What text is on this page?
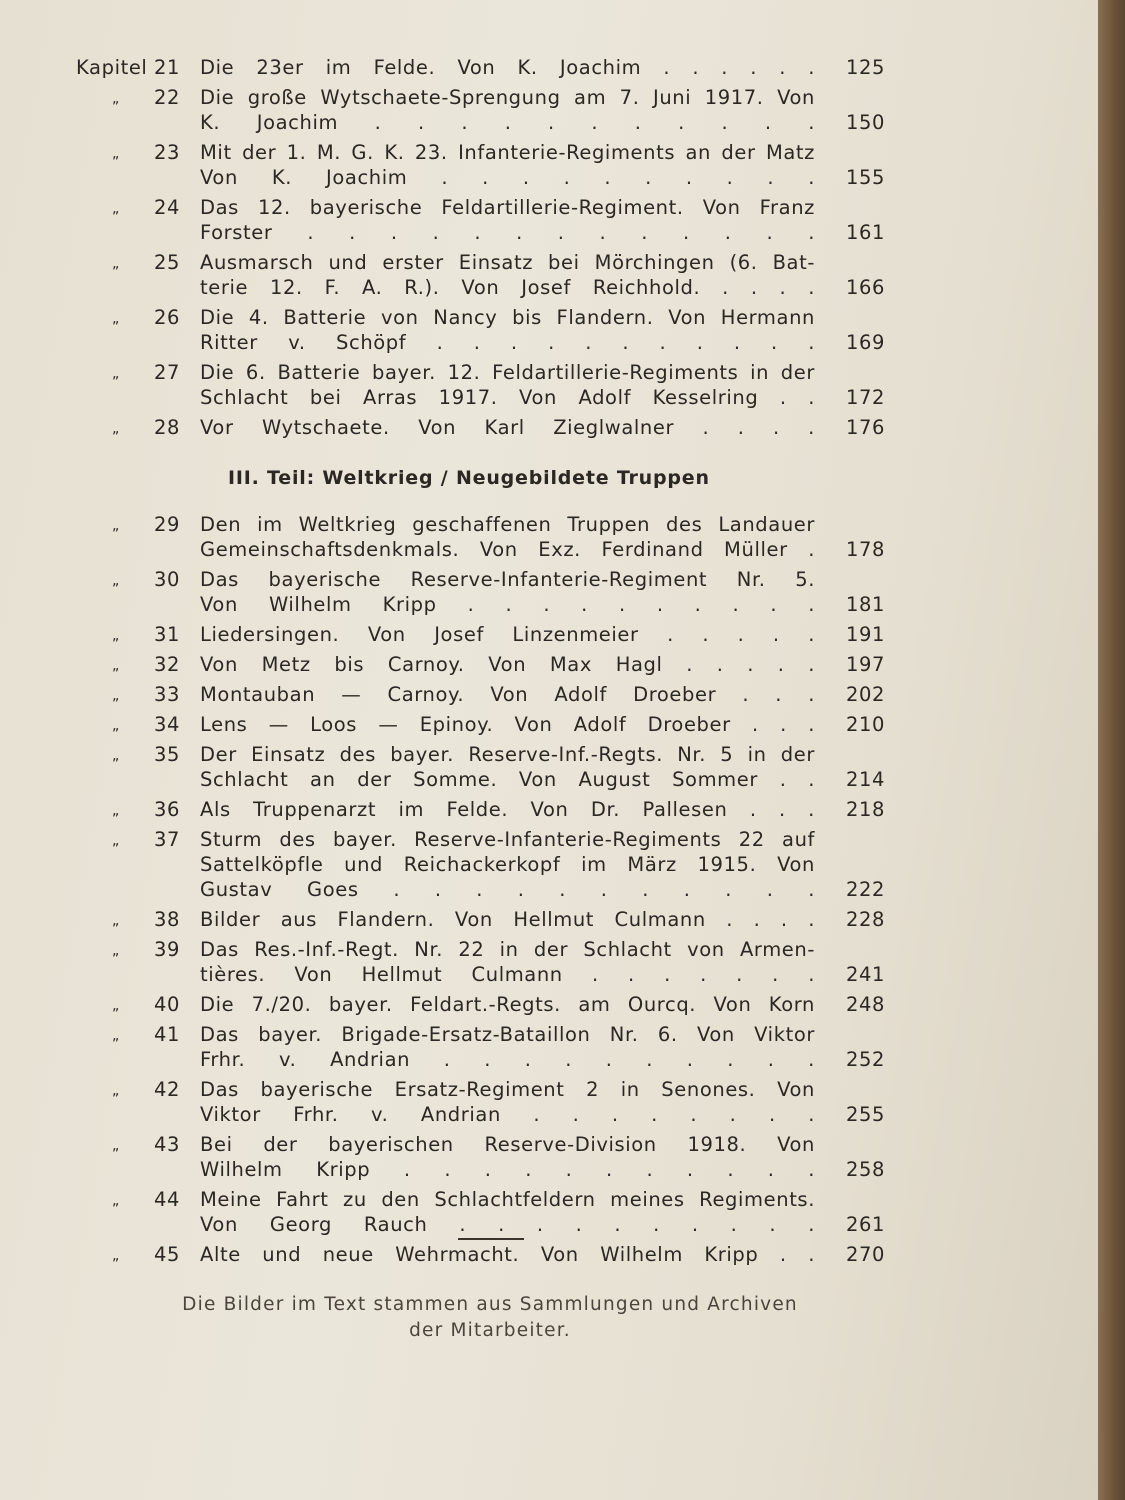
Kapitel 21 Die 23er im Felde. Von K. Joachim . . . . . .	125
„ 22 Die große Wytschaete-Sprengung am 7. Juni 1917. Von
K. Joachim . . . . . . . . . . .	150
„ 23 Mit der 1. M. G. K. 23. Infanterie-Regiments an der Matz
Von K. Joachim . . . . . . . . . .	155
„ 24 Das 12. bayerische Feldartillerie-Regiment. Von Franz
Forster . . . . . . . . . . . . .	161
„ 25 Ausmarsch und erster Einsatz bei Mörchingen (6. Bat-
terie 12. F. A. R.). Von Josef Reichhold. . . . .	166
„ 26 Die 4. Batterie von Nancy bis Flandern. Von Hermann
Ritter v. Schöpf . . . . . . . . . . .	169
„ 27 Die 6. Batterie bayer. 12. Feldartillerie-Regiments in der
Schlacht bei Arras 1917. Von Adolf Kesselring . .	172
„ 28 Vor Wytschaete. Von Karl Zieglwalner . . . .	176
III. Teil: Weltkrieg / Neugebildete Truppen
„ 29 Den im Weltkrieg geschaffenen Truppen des Landauer
Gemeinschaftsdenkmals. Von Exz. Ferdinand Müller .	178
„ 30 Das bayerische Reserve-Infanterie-Regiment Nr. 5.
Von Wilhelm Kripp . . . . . . . . . .	181
„ 31 Liedersingen. Von Josef Linzenmeier . . . . .	191
„ 32 Von Metz bis Carnoy. Von Max Hagl . . . . .	197
„ 33 Montauban — Carnoy. Von Adolf Droeber . . .	202
„ 34 Lens — Loos — Epinoy. Von Adolf Droeber . . .	210
„ 35 Der Einsatz des bayer. Reserve-Inf.-Regts. Nr. 5 in der
Schlacht an der Somme. Von August Sommer . .	214
„ 36 Als Truppenarzt im Felde. Von Dr. Pallesen . . .	218
„ 37 Sturm des bayer. Reserve-Infanterie-Regiments 22 auf
Sattelköpfle und Reichackerkopf im März 1915. Von
Gustav Goes . . . . . . . . . . .	222
„ 38 Bilder aus Flandern. Von Hellmut Culmann . . . .	228
„ 39 Das Res.-Inf.-Regt. Nr. 22 in der Schlacht von Armen-
tières. Von Hellmut Culmann . . . . . . .	241
„ 40 Die 7./20. bayer. Feldart.-Regts. am Ourcq. Von Korn	248
„ 41 Das bayer. Brigade-Ersatz-Bataillon Nr. 6. Von Viktor
Frhr. v. Andrian . . . . . . . . . .	252
„ 42 Das bayerische Ersatz-Regiment 2 in Senones. Von
Viktor Frhr. v. Andrian . . . . . . . .	255
„ 43 Bei der bayerischen Reserve-Division 1918. Von
Wilhelm Kripp . . . . . . . . . . .	258
„ 44 Meine Fahrt zu den Schlachtfeldern meines Regiments.
Von Georg Rauch . . . . . . . . . .	261
„ 45 Alte und neue Wehrmacht. Von Wilhelm Kripp . .	270
Die Bilder im Text stammen aus Sammlungen und Archiven
der Mitarbeiter.
